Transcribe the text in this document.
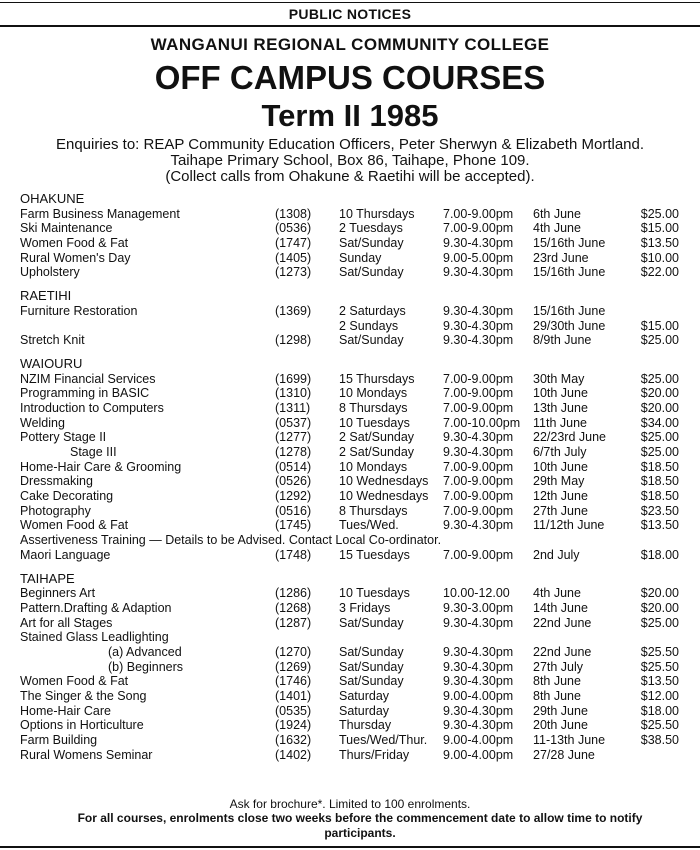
PUBLIC NOTICES
WANGANUI REGIONAL COMMUNITY COLLEGE
OFF CAMPUS COURSES
Term II 1985
Enquiries to: REAP Community Education Officers, Peter Sherwyn & Elizabeth Mortland.
Taihape Primary School, Box 86, Taihape, Phone 109.
(Collect calls from Ohakune & Raetihi will be accepted).
OHAKUNE
Farm Business Management	(1308) 10 Thursdays 7.00-9.00pm 6th June	$25.00
Ski Maintenance	(0536) 2 Tuesdays	7.00-9.00pm 4th June	$15.00
Women Food & Fat	(1747) Sat/Sunday	9.30-4.30pm 15/16th June	$13.50
Rural Women's Day	(1405) Sunday	9.00-5.00pm 23rd June	$10.00
Upholstery	(1273) Sat/Sunday	9.30-4.30pm 15/16th June	$22.00
RAETIHI
Furniture Restoration	(1369) 2 Saturdays	9.30-4.30pm 15/16th June
2 Sundays	9.30-4.30pm 29/30th June	$15.00
Stretch Knit	(1298) Sat/Sunday	9.30-4.30pm 8/9th June	$25.00
WAIOURU
NZIM Financial Services	(1699) 15 Thursdays 7.00-9.00pm 30th May	$25.00
Programming in BASIC	(1310) 10 Mondays	7.00-9.00pm 10th June	$20.00
Introduction to Computers	(1311) 8 Thursdays	7.00-9.00pm 13th June	$20.00
Welding	(0537) 10 Tuesdays	7.00-10.00pm 11th June	$34.00
Pottery Stage II	(1277) 2 Sat/Sunday 9.30-4.30pm 22/23rd June	$25.00
Stage III	(1278) 2 Sat/Sunday 9.30-4.30pm 6/7th July	$25.00
Home-Hair Care & Grooming	(0514) 10 Mondays	7.00-9.00pm 10th June	$18.50
Dressmaking	(0526) 10 Wednesdays 7.00-9.00pm 29th May	$18.50
Cake Decorating	(1292) 10 Wednesdays 7.00-9.00pm 12th June	$18.50
Photography	(0516) 8 Thursdays	7.00-9.00pm 27th June	$23.50
Women Food & Fat	(1745) Tues/Wed.	9.30-4.30pm 11/12th June	$13.50
Assertiveness Training — Details to be Advised. Contact Local Co-ordinator.
Maori Language	(1748) 15 Tuesdays	7.00-9.00pm 2nd July	$18.00
TAIHAPE
Beginners Art	(1286) 10 Tuesdays	10.00-12.00 4th June	$20.00
Pattern.Drafting & Adaption	(1268) 3 Fridays	9.30-3.00pm 14th June	$20.00
Art for all Stages	(1287) Sat/Sunday	9.30-4.30pm 22nd June	$25.00
Stained Glass Leadlighting
(a) Advanced	(1270) Sat/Sunday	9.30-4.30pm 22nd June	$25.50
(b) Beginners	(1269) Sat/Sunday	9.30-4.30pm 27th July	$25.50
Women Food & Fat	(1746) Sat/Sunday	9.30-4.30pm 8th June	$13.50
The Singer & the Song	(1401) Saturday	9.00-4.00pm 8th June	$12.00
Home-Hair Care	(0535) Saturday	9.30-4.30pm 29th June	$18.00
Options in Horticulture	(1924) Thursday	9.30-4.30pm 20th June	$25.50
Farm Building	(1632) Tues/Wed/Thur. 9.00-4.00pm 11-13th June	$38.50
Rural Womens Seminar	(1402) Thurs/Friday	9.00-4.00pm 27/28 June
Ask for brochure*. Limited to 100 enrolments.
For all courses, enrolments close two weeks before the commencement date to allow time to notify participants.
